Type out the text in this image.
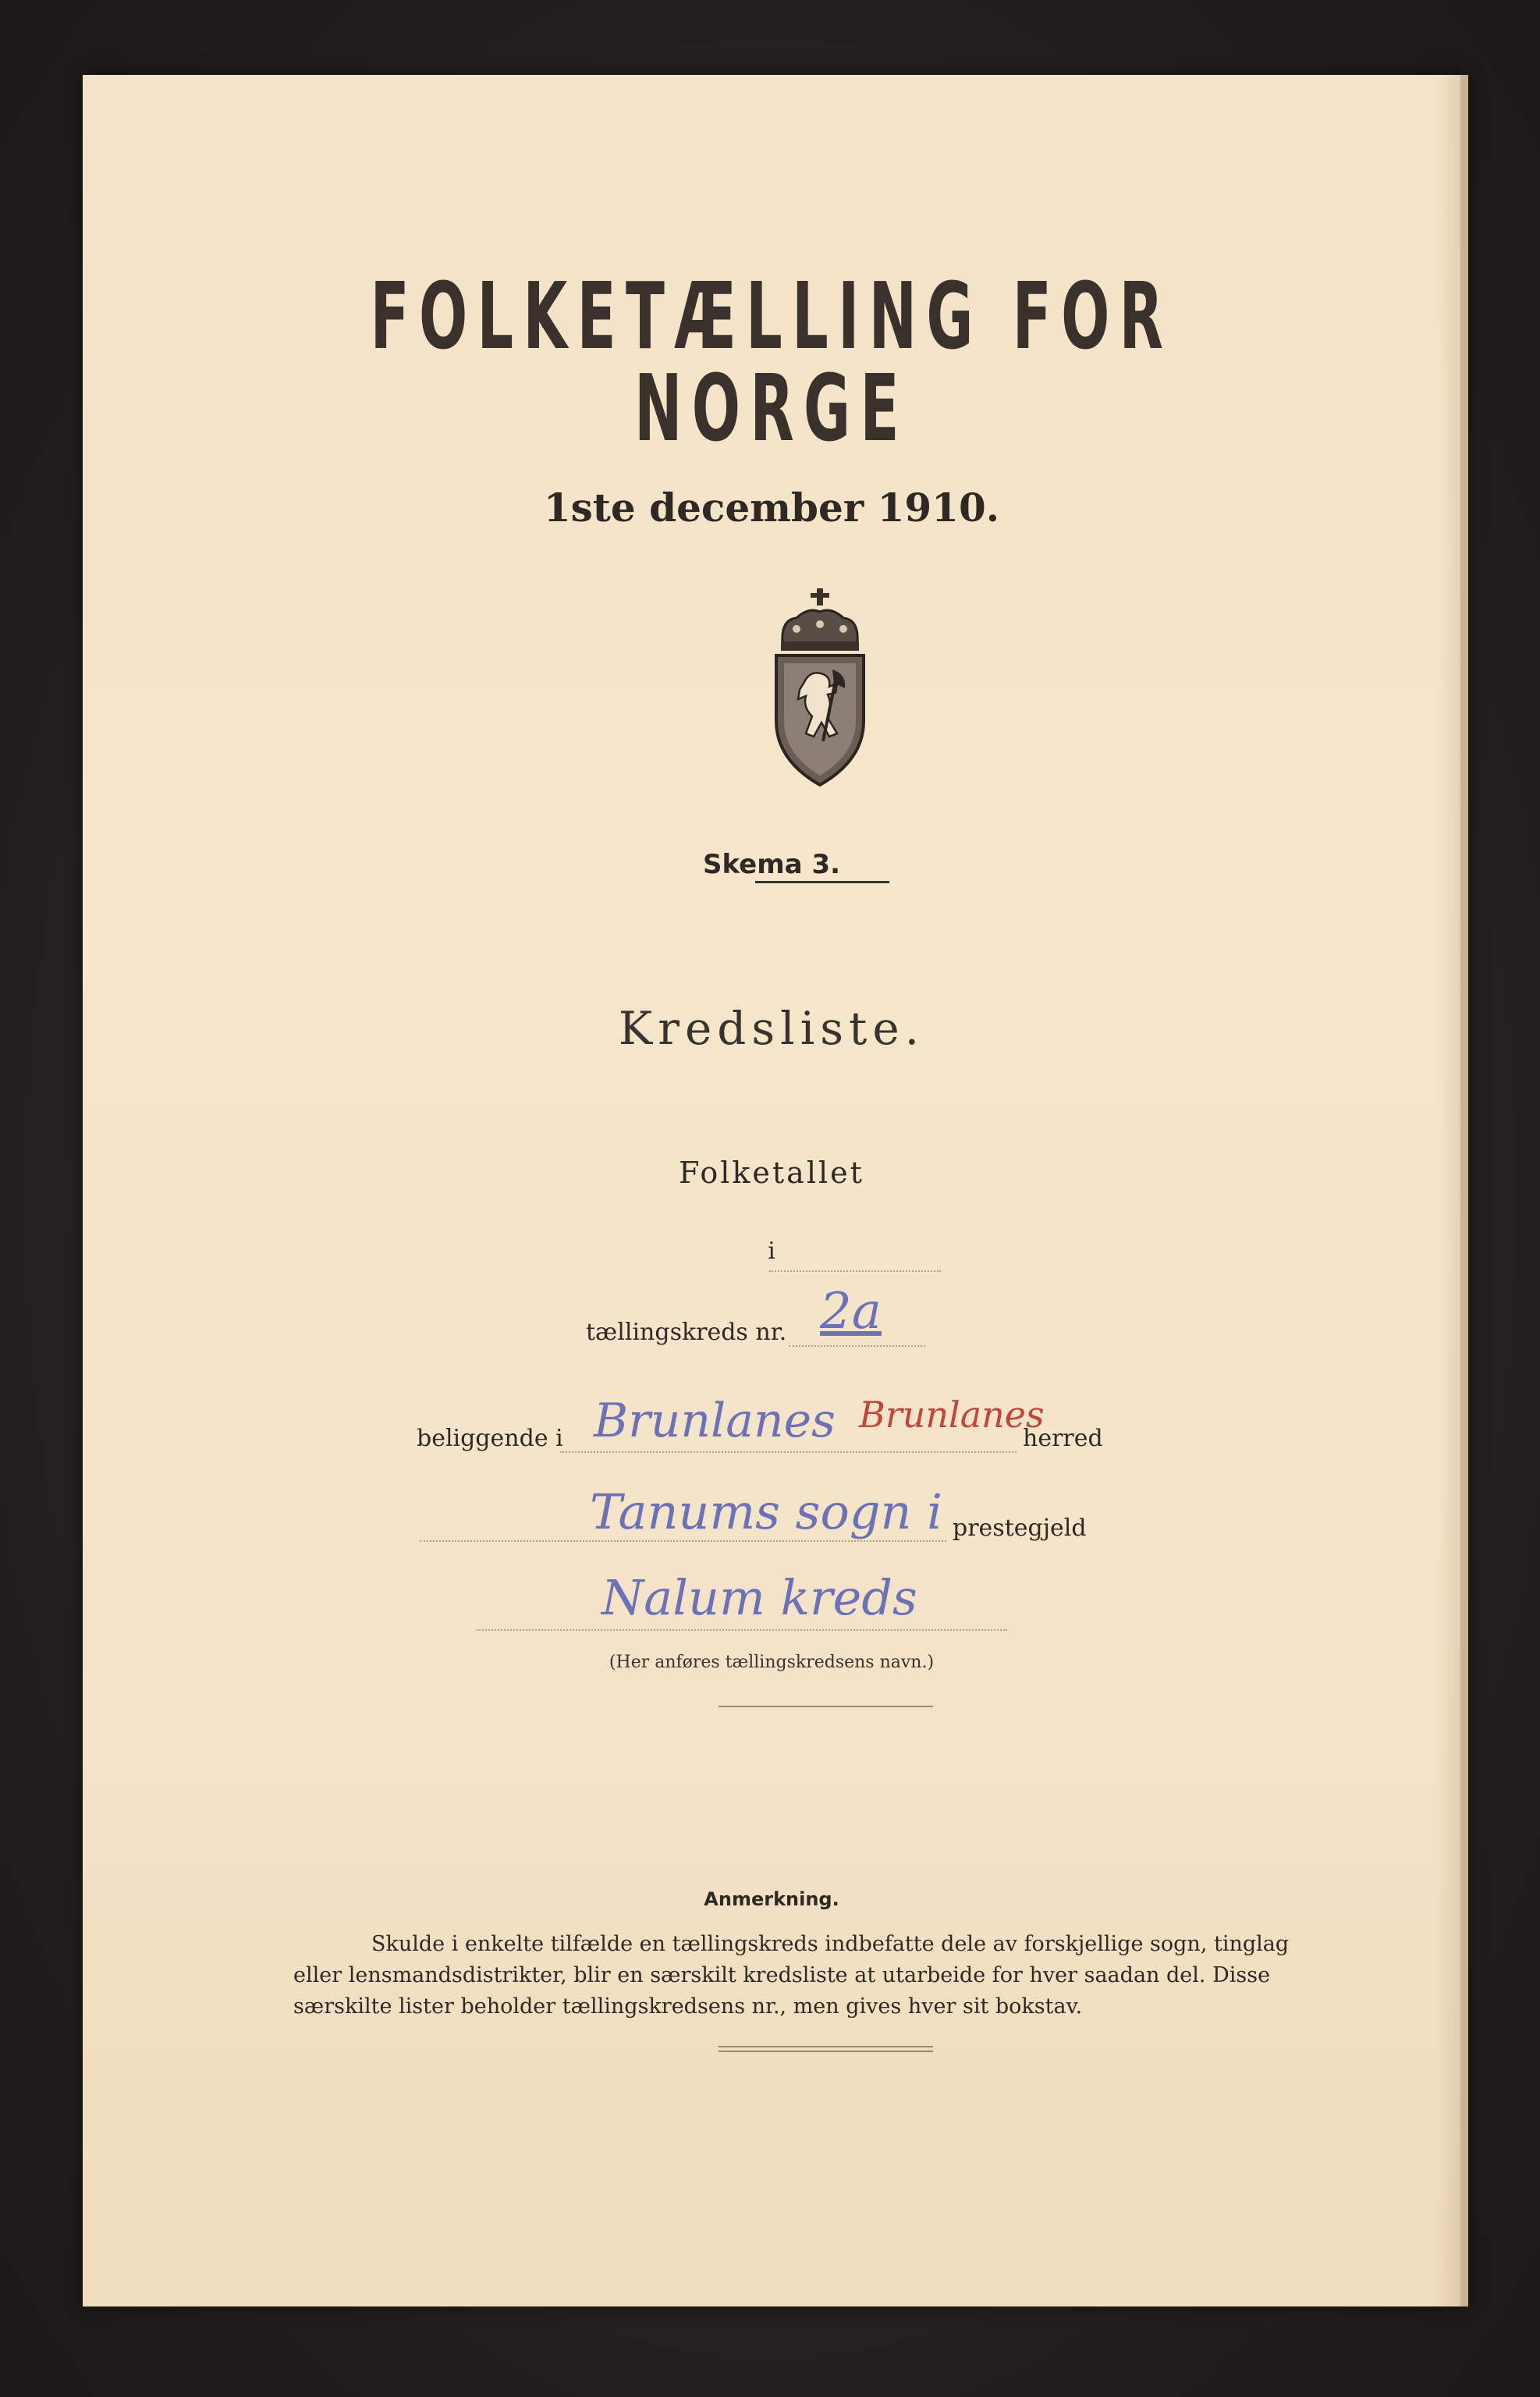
FOLKETÆLLING FOR NORGE
1ste december 1910.
Skema 3.
Kredsliste.
Folketallet
i
tællingskreds nr. 2a
beliggende i Brunlanes	herred
Tanums sogn i
Brunlanes
prestegjeld
Nalum kreds
(Her anføres tællingskredsens navn.)
Anmerkning.
Skulde i enkelte tilfælde en tællingskreds indbefatte dele av forskjellige sogn, tinglag
eller lensmandsdistrikter, blir en særskilt kredsliste at utarbeide for hver saadan del. Disse
særskilte lister beholder tællingskredsens nr., men gives hver sit bokstav.
